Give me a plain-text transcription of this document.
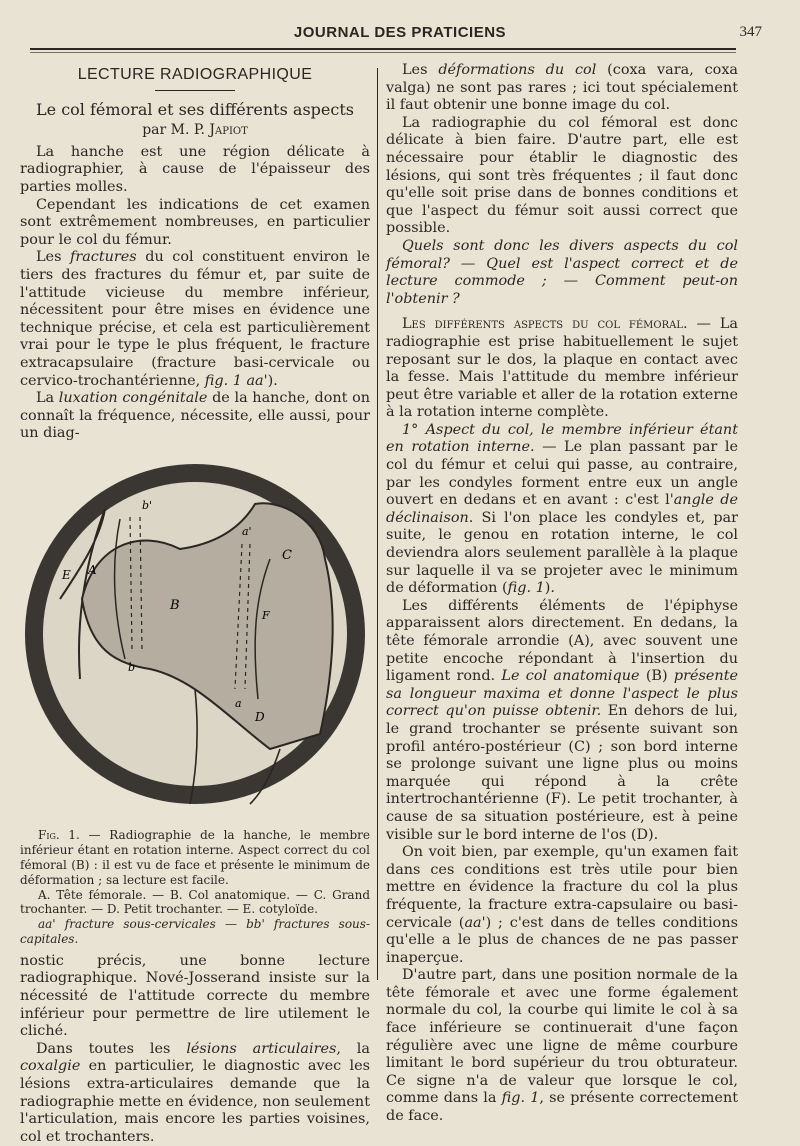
JOURNAL DES PRATICIENS	347
LECTURE RADIOGRAPHIQUE
Le col fémoral et ses différents aspects
par M. P. Japiot

La hanche est une région délicate à radiographier, à cause de l'épaisseur des parties molles.

Cependant les indications de cet examen sont extrêmement nombreuses, en particulier pour le col du fémur.

Les fractures du col constituent environ le tiers des fractures du fémur et, par suite de l'attitude vicieuse du membre inférieur, nécessitent pour être mises en évidence une technique précise, et cela est particulièrement vrai pour le type le plus fréquent, le fracture extracapsulaire (fracture basi-cervicale ou cervico-trochantérienne, fig. 1 aa').

La luxation congénitale de la hanche, dont on connaît la fréquence, nécessite, elle aussi, pour un diag-

A
E
B
C
D
F
b'
b
a'
a

Fig. 1. — Radiographie de la hanche, le membre inférieur étant en rotation interne. Aspect correct du col fémoral (B) : il est vu de face et présente le minimum de déformation ; sa lecture est facile.

A. Tête fémorale. — B. Col anatomique. — C. Grand trochanter. — D. Petit trochanter. — E. cotyloïde.

aa' fracture sous-cervicales — bb' fractures sous-capitales.

nostic précis, une bonne lecture radiographique. Nové-Josserand insiste sur la nécessité de l'attitude correcte du membre inférieur pour permettre de lire utilement le cliché.

Dans toutes les lésions articulaires, la coxalgie en particulier, le diagnostic avec les lésions extra-articulaires demande que la radiographie mette en évidence, non seulement l'articulation, mais encore les parties voisines, col et trochanters.

Les déformations du col (coxa vara, coxa valga) ne sont pas rares ; ici tout spécialement il faut obtenir une bonne image du col.

La radiographie du col fémoral est donc délicate à bien faire. D'autre part, elle est nécessaire pour établir le diagnostic des lésions, qui sont très fréquentes ; il faut donc qu'elle soit prise dans de bonnes conditions et que l'aspect du fémur soit aussi correct que possible.

Quels sont donc les divers aspects du col fémoral? — Quel est l'aspect correct et de lecture commode ; — Comment peut-on l'obtenir ?

Les différents aspects du col fémoral. — La radiographie est prise habituellement le sujet reposant sur le dos, la plaque en contact avec la fesse. Mais l'attitude du membre inférieur peut être variable et aller de la rotation externe à la rotation interne complète.

1° Aspect du col, le membre inférieur étant en rotation interne. — Le plan passant par le col du fémur et celui qui passe, au contraire, par les condyles forment entre eux un angle ouvert en dedans et en avant : c'est l'angle de déclinaison. Si l'on place les condyles et, par suite, le genou en rotation interne, le col deviendra alors seulement parallèle à la plaque sur laquelle il va se projeter avec le minimum de déformation (fig. 1).

Les différents éléments de l'épiphyse apparaissent alors directement. En dedans, la tête fémorale arrondie (A), avec souvent une petite encoche répondant à l'insertion du ligament rond. Le col anatomique (B) présente sa longueur maxima et donne l'aspect le plus correct qu'on puisse obtenir. En dehors de lui, le grand trochanter se présente suivant son profil antéro-postérieur (C) ; son bord interne se prolonge suivant une ligne plus ou moins marquée qui répond à la crête intertrochantérienne (F). Le petit trochanter, à cause de sa situation postérieure, est à peine visible sur le bord interne de l'os (D).

On voit bien, par exemple, qu'un examen fait dans ces conditions est très utile pour bien mettre en évidence la fracture du col la plus fréquente, la fracture extra-capsulaire ou basi-cervicale (aa') ; c'est dans de telles conditions qu'elle a le plus de chances de ne pas passer inaperçue.

D'autre part, dans une position normale de la tête fémorale et avec une forme également normale du col, la courbe qui limite le col à sa face inférieure se continuerait d'une façon régulière avec une ligne de même courbure limitant le bord supérieur du trou obturateur. Ce signe n'a de valeur que lorsque le col, comme dans la fig. 1, se présente correctement de face.
